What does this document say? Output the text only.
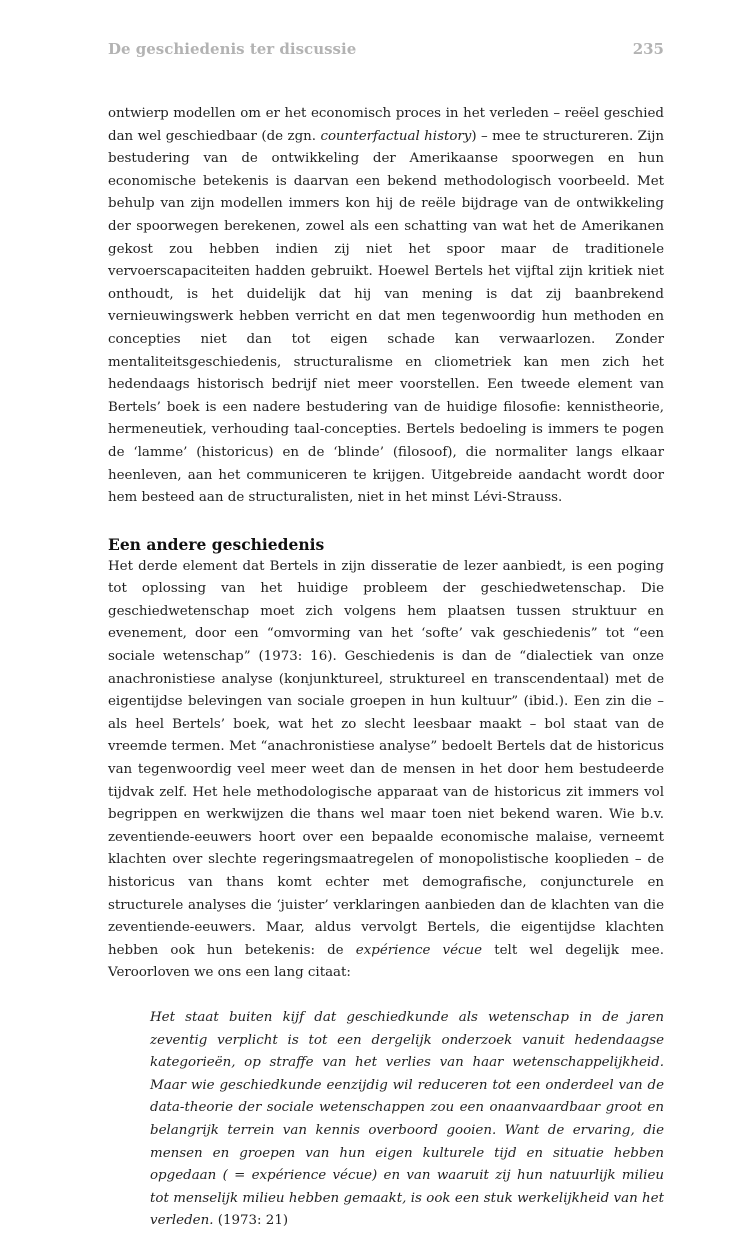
De geschiedenis ter discussie	235

ontwierp modellen om er het economisch proces in het verleden – reëel geschied dan wel geschiedbaar (de zgn. counterfactual history) – mee te structureren. Zijn bestudering van de ontwikkeling der Amerikaanse spoorwegen en hun economische betekenis is daarvan een bekend methodologisch voorbeeld. Met behulp van zijn modellen immers kon hij de reële bijdrage van de ontwikkeling der spoorwegen berekenen, zowel als een schatting van wat het de Amerikanen gekost zou hebben indien zij niet het spoor maar de traditionele vervoerscapaciteiten hadden gebruikt. Hoewel Bertels het vijftal zijn kritiek niet onthoudt, is het duidelijk dat hij van mening is dat zij baanbrekend vernieuwingswerk hebben verricht en dat men tegenwoordig hun methoden en concepties niet dan tot eigen schade kan verwaarlozen. Zonder mentaliteitsgeschiedenis, structuralisme en cliometriek kan men zich het hedendaags historisch bedrijf niet meer voorstellen. Een tweede element van Bertels’ boek is een nadere bestudering van de huidige filosofie: kennistheorie, hermeneutiek, verhouding taal-concepties. Bertels bedoeling is immers te pogen de ‘lamme’ (historicus) en de ‘blinde’ (filosoof), die normaliter langs elkaar heenleven, aan het communiceren te krijgen. Uitgebreide aandacht wordt door hem besteed aan de structuralisten, niet in het minst Lévi-Strauss.

Een andere geschiedenis

Het derde element dat Bertels in zijn disseratie de lezer aanbiedt, is een poging tot oplossing van het huidige probleem der geschiedwetenschap. Die geschiedwetenschap moet zich volgens hem plaatsen tussen struktuur en evenement, door een “omvorming van het ‘softe’ vak geschiedenis” tot “een sociale wetenschap” (1973: 16). Geschiedenis is dan de “dialectiek van onze anachronistiese analyse (konjunktureel, struktureel en transcendentaal) met de eigentijdse belevingen van sociale groepen in hun kultuur” (ibid.). Een zin die – als heel Bertels’ boek, wat het zo slecht leesbaar maakt – bol staat van de vreemde termen. Met “anachronistiese analyse” bedoelt Bertels dat de historicus van tegenwoordig veel meer weet dan de mensen in het door hem bestudeerde tijdvak zelf. Het hele methodologische apparaat van de historicus zit immers vol begrippen en werkwijzen die thans wel maar toen niet bekend waren. Wie b.v. zeventiende-eeuwers hoort over een bepaalde economische malaise, verneemt klachten over slechte regeringsmaatregelen of monopolistische kooplieden – de historicus van thans komt echter met demografische, conjuncturele en structurele analyses die ‘juister’ verklaringen aanbieden dan de klachten van die zeventiende-eeuwers. Maar, aldus vervolgt Bertels, die eigentijdse klachten hebben ook hun betekenis: de expérience vécue telt wel degelijk mee. Veroorloven we ons een lang citaat:

Het staat buiten kijf dat geschiedkunde als wetenschap in de jaren zeventig verplicht is tot een dergelijk onderzoek vanuit hedendaagse kategorieën, op straffe van het verlies van haar wetenschappelijkheid. Maar wie geschiedkunde eenzijdig wil reduceren tot een onderdeel van de data-theorie der sociale wetenschappen zou een onaanvaardbaar groot en belangrijk terrein van kennis overboord gooien. Want de ervaring, die mensen en groepen van hun eigen kulturele tijd en situatie hebben opgedaan ( = expérience vécue) en van waaruit zij hun natuurlijk milieu tot menselijk milieu hebben gemaakt, is ook een stuk werkelijkheid van het verleden. (1973: 21)
